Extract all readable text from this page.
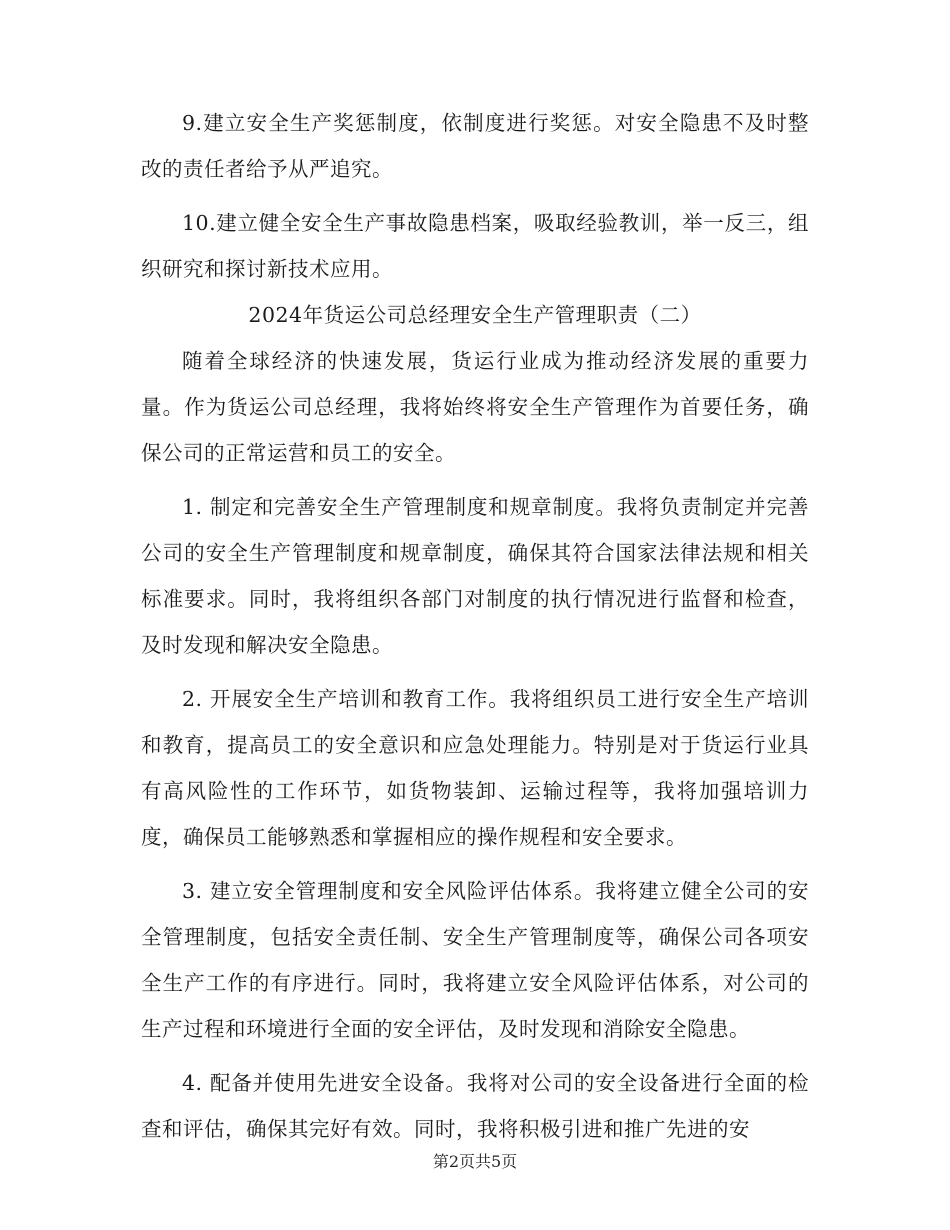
9.建立安全生产奖惩制度，依制度进行奖惩。对安全隐患不及时整改的责任者给予从严追究。

10.建立健全安全生产事故隐患档案，吸取经验教训，举一反三，组织研究和探讨新技术应用。

2024年货运公司总经理安全生产管理职责（二）

随着全球经济的快速发展，货运行业成为推动经济发展的重要力量。作为货运公司总经理，我将始终将安全生产管理作为首要任务，确保公司的正常运营和员工的安全。

1. 制定和完善安全生产管理制度和规章制度。我将负责制定并完善公司的安全生产管理制度和规章制度，确保其符合国家法律法规和相关标准要求。同时，我将组织各部门对制度的执行情况进行监督和检查，及时发现和解决安全隐患。

2. 开展安全生产培训和教育工作。我将组织员工进行安全生产培训和教育，提高员工的安全意识和应急处理能力。特别是对于货运行业具有高风险性的工作环节，如货物装卸、运输过程等，我将加强培训力度，确保员工能够熟悉和掌握相应的操作规程和安全要求。

3. 建立安全管理制度和安全风险评估体系。我将建立健全公司的安全管理制度，包括安全责任制、安全生产管理制度等，确保公司各项安全生产工作的有序进行。同时，我将建立安全风险评估体系，对公司的生产过程和环境进行全面的安全评估，及时发现和消除安全隐患。

4. 配备并使用先进安全设备。我将对公司的安全设备进行全面的检查和评估，确保其完好有效。同时，我将积极引进和推广先进的安

第2页共5页
